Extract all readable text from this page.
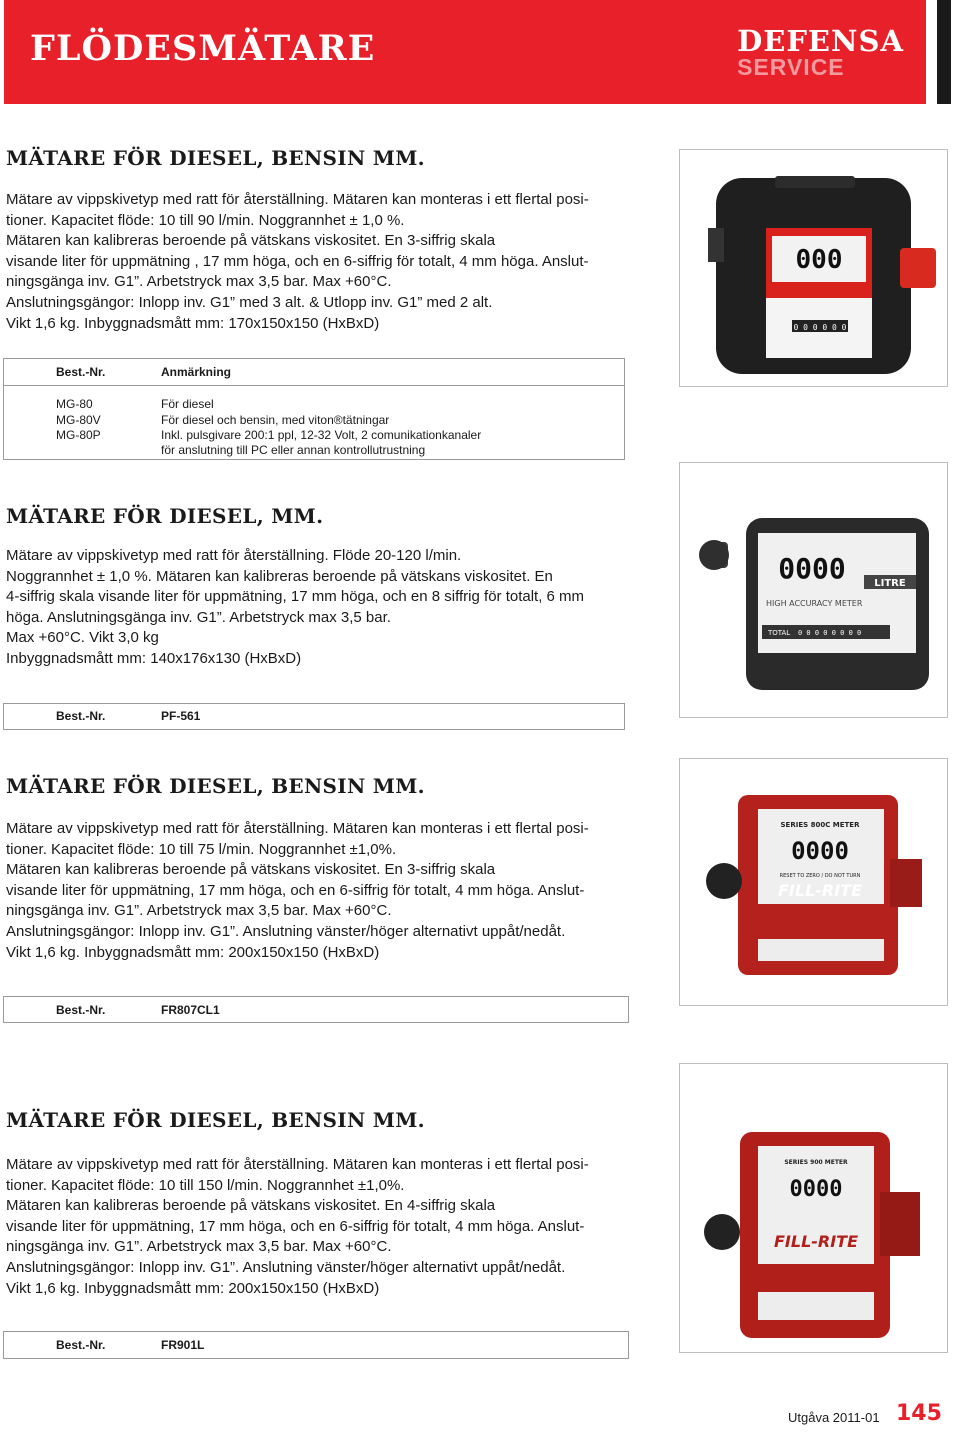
FLÖDESMÄTARE	DEFENSA
SERVICE
MÄTARE FÖR DIESEL, BENSIN MM.

Mätare av vippskivetyp med ratt för återställning. Mätaren kan monteras i ett flertal posi-

tioner. Kapacitet flöde: 10 till 90 l/min. Noggrannhet ± 1,0 %.

Mätaren kan kalibreras beroende på vätskans viskositet. En 3-siffrig skala

visande liter för uppmätning , 17 mm höga, och en 6-siffrig för totalt, 4 mm höga. Anslut-

ningsgänga inv. G1”. Arbetstryck max 3,5 bar. Max +60°C.

Anslutningsgängor: Inlopp inv. G1” med 3 alt. & Utlopp inv. G1” med 2 alt.

Vikt 1,6 kg. Inbyggnadsmått mm: 170x150x150 (HxBxD)

Best.-Nr.	Anmärkning
MG-80	För diesel
MG-80V	För diesel och bensin, med viton®tätningar
MG-80P	Inkl. pulsgivare 200:1 ppl, 12-32 Volt, 2 comunikationkanaler
för anslutning till PC eller annan kontrollutrustning
000
0 0 0 0 0 0
0000	LITRE
HIGH ACCURACY METER
TOTAL 0 0 0 0 0 0 0 0
MÄTARE FÖR DIESEL, MM.

Mätare av vippskivetyp med ratt för återställning. Flöde 20-120 l/min.

Noggrannhet ± 1,0 %. Mätaren kan kalibreras beroende på vätskans viskositet. En

4-siffrig skala visande liter för uppmätning, 17 mm höga, och en 8 siffrig för totalt, 6 mm

höga. Anslutningsgänga inv. G1”. Arbetstryck max 3,5 bar.

Max +60°C. Vikt 3,0 kg

Inbyggnadsmått mm: 140x176x130 (HxBxD)

Best.-Nr.	PF-561
MÄTARE FÖR DIESEL, BENSIN MM.
SERIES 800C METER
0000
RESET TO ZERO / DO NOT TURN
FILL-RITE

Mätare av vippskivetyp med ratt för återställning. Mätaren kan monteras i ett flertal posi-

tioner. Kapacitet flöde: 10 till 75 l/min. Noggrannhet ±1,0%.

Mätaren kan kalibreras beroende på vätskans viskositet. En 3-siffrig skala

visande liter för uppmätning, 17 mm höga, och en 6-siffrig för totalt, 4 mm höga. Anslut-

ningsgänga inv. G1”. Arbetstryck max 3,5 bar. Max +60°C.

Anslutningsgängor: Inlopp inv. G1”. Anslutning vänster/höger alternativt uppåt/nedåt.

Vikt 1,6 kg. Inbyggnadsmått mm: 200x150x150 (HxBxD)

Best.-Nr.	FR807CL1
SERIES 900 METER
0000
FILL-RITE
MÄTARE FÖR DIESEL, BENSIN MM.

Mätare av vippskivetyp med ratt för återställning. Mätaren kan monteras i ett flertal posi-

tioner. Kapacitet flöde: 10 till 150 l/min. Noggrannhet ±1,0%.

Mätaren kan kalibreras beroende på vätskans viskositet. En 4-siffrig skala

visande liter för uppmätning, 17 mm höga, och en 6-siffrig för totalt, 4 mm höga. Anslut-

ningsgänga inv. G1”. Arbetstryck max 3,5 bar. Max +60°C.

Anslutningsgängor: Inlopp inv. G1”. Anslutning vänster/höger alternativt uppåt/nedåt.

Vikt 1,6 kg. Inbyggnadsmått mm: 200x150x150 (HxBxD)

Best.-Nr.	FR901L
Utgåva 2011-01 145
